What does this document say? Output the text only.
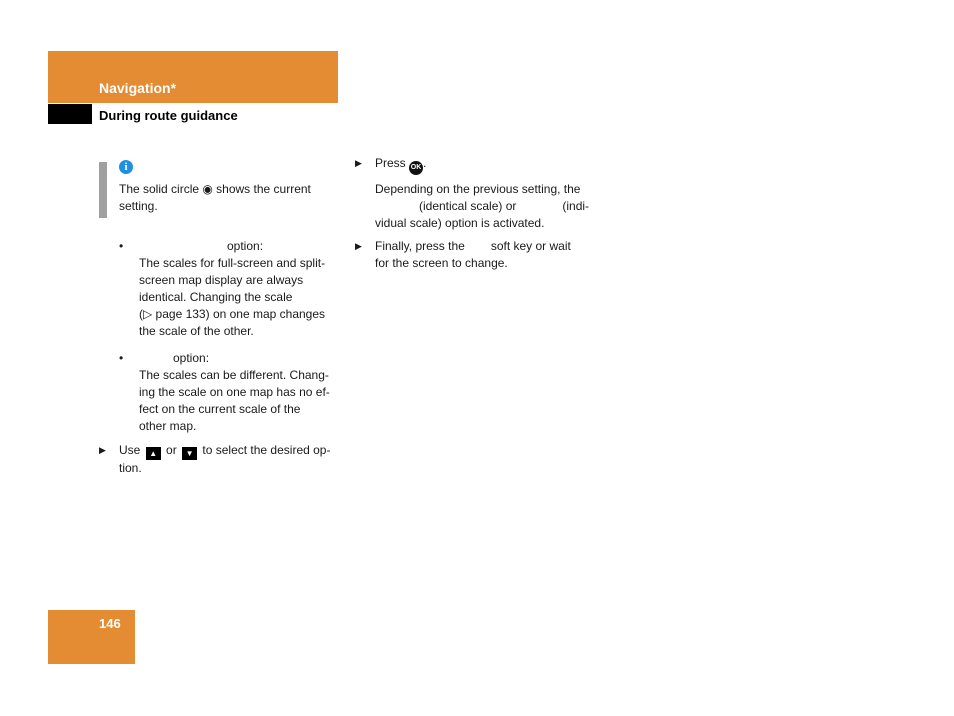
Navigation*
During route guidance
i
The solid circle ◉ shows the current setting.
•	option:
The scales for full-screen and split-
screen map display are always
identical. Changing the scale
(▷ page 133) on one map changes
the scale of the other.
•	option:
The scales can be different. Chang-
ing the scale on one map has no ef-
fect on the current scale of the
other map.
▶ Use ▲ or ▼ to select the desired op-
tion.
▶ Press OK .
Depending on the previous setting, the
(identical scale) or	(indi-
vidual scale) option is activated.
▶ Finally, press the soft key or wait
for the screen to change.
146
